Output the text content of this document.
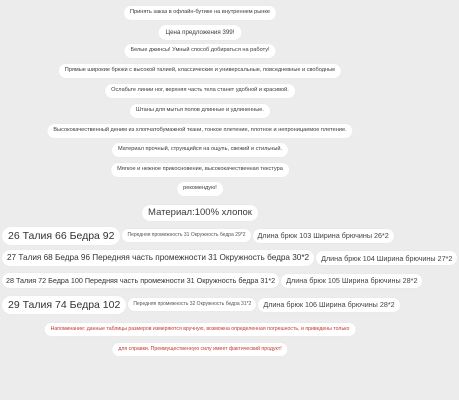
Принять заказ в офлайн-бутике на внутреннем рынке
Цена предложения 399!
Белые джинсы! Умный способ добираться на работу!
Прямые широкие брюки с высокой талией, классические и универсальные, повседневные и свободные
Ослабьте линии ног, верхняя часть тела станет удобной и красивой.
Штаны для мытья полов длинные и удлиненные.
Высококачественный деним из хлопчатобумажной ткани, тонкое плетение, плотное и непроницаемое плетение.
Материал прочный, струящийся на ощупь, свежий и стильный.
Мягкое и нежное прикосновение, высококачественная текстура
рекомендую!
Материал:100% хлопок
26 Талия 66 Бедра 92	Передняя промежность 31 Окружность бедра 29*2 Длина брюк 103 Ширина брючины 26*2
27 Талия 68 Бедра 96 Передняя часть промежности 31 Окружность бедра 30*2 Длина брюк 104 Ширина брючины 27*2
28 Талия 72 Бедра 100 Передняя часть промежности 31 Окружность бедра 31*2 Длина брюк 105 Ширина брючины 28*2
29 Талия 74 Бедра 102	Передняя промежность 32 Окружность бедра 31*2 Длина брюк 106 Ширина брючины 28*2
Напоминание: данные таблицы размеров измеряются вручную, возможна определенная погрешность, и приведены только
для справки. Преимущественную силу имеет фактический продукт!
